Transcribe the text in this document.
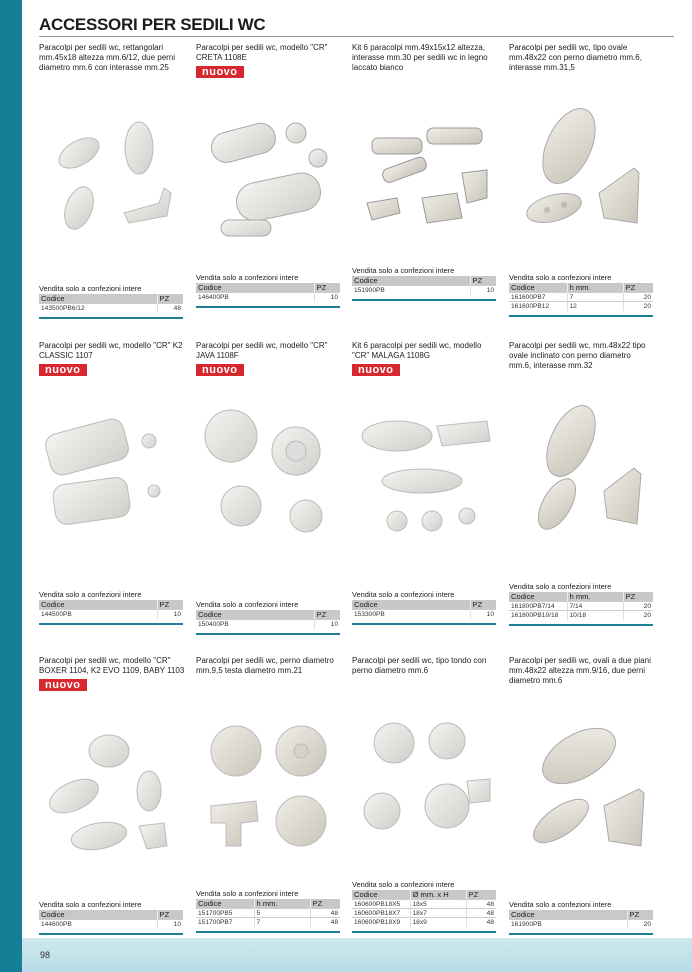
ACCESSORI PER SEDILI WC
Paracolpi per sedili wc, rettangolari mm.45x18 altezza mm.6/12, due perni diametro mm.6 con interasse mm.25
Vendita solo a confezioni intere
Codice	PZ
143500PB6/12	48
Paracolpi per sedili wc, modello "CR" CRETA 1108E
nuovo
Vendita solo a confezioni intere
Codice	PZ
146400PB	10
Kit 6 paracolpi mm.49x15x12 altezza, interasse mm.30 per sedili wc in legno laccato bianco
Vendita solo a confezioni intere
Codice	PZ
151900PB	10
Paracolpi per sedili wc, tipo ovale mm.48x22 con perno diametro mm.6, interasse mm.31,5
Vendita solo a confezioni intere
Codice	h mm.	PZ
161600PB7	7	20
161600PB12	12	20
Paracolpi per sedili wc, modello "CR" K2 CLASSIC 1107
nuovo
Vendita solo a confezioni intere
Codice	PZ
144500PB	10
Paracolpi per sedili wc, modello "CR" JAVA 1108F
nuovo
Vendita solo a confezioni intere
Codice	PZ
150400PB	10
Kit 6 paracolpi per sedili wc, modello "CR" MALAGA 1108G
nuovo
Vendita solo a confezioni intere
Codice	PZ
153300PB	10
Paracolpi per sedili wc, mm.48x22 tipo ovale inclinato con perno diametro mm.6, interasse mm.32
Vendita solo a confezioni intere
Codice	h mm.	PZ
161800PB7/14	7/14	20
161800PB10/18	10/18	20
Paracolpi per sedili wc, modello "CR" BOXER 1104, K2 EVO 1109, BABY 1103
nuovo
Vendita solo a confezioni intere
Codice	PZ
144600PB	10
Paracolpi per sedili wc, perno diametro mm.9,5 testa diametro mm.21
Vendita solo a confezioni intere
Codice	h mm.	PZ
151700PB5	5	48
151700PB7	7	48
Paracolpi per sedili wc, tipo tondo con perno diametro mm.6
Vendita solo a confezioni intere
Codice	Ø mm. x H	PZ
160600PB18X5	18x5	48
160600PB18X7	18x7	48
160600PB18X9	18x9	48
Paracolpi per sedili wc, ovali a due piani mm.48x22 altezza mm.9/16, due perni diametro mm.6
Vendita solo a confezioni intere
Codice	PZ
161900PB	20
98
